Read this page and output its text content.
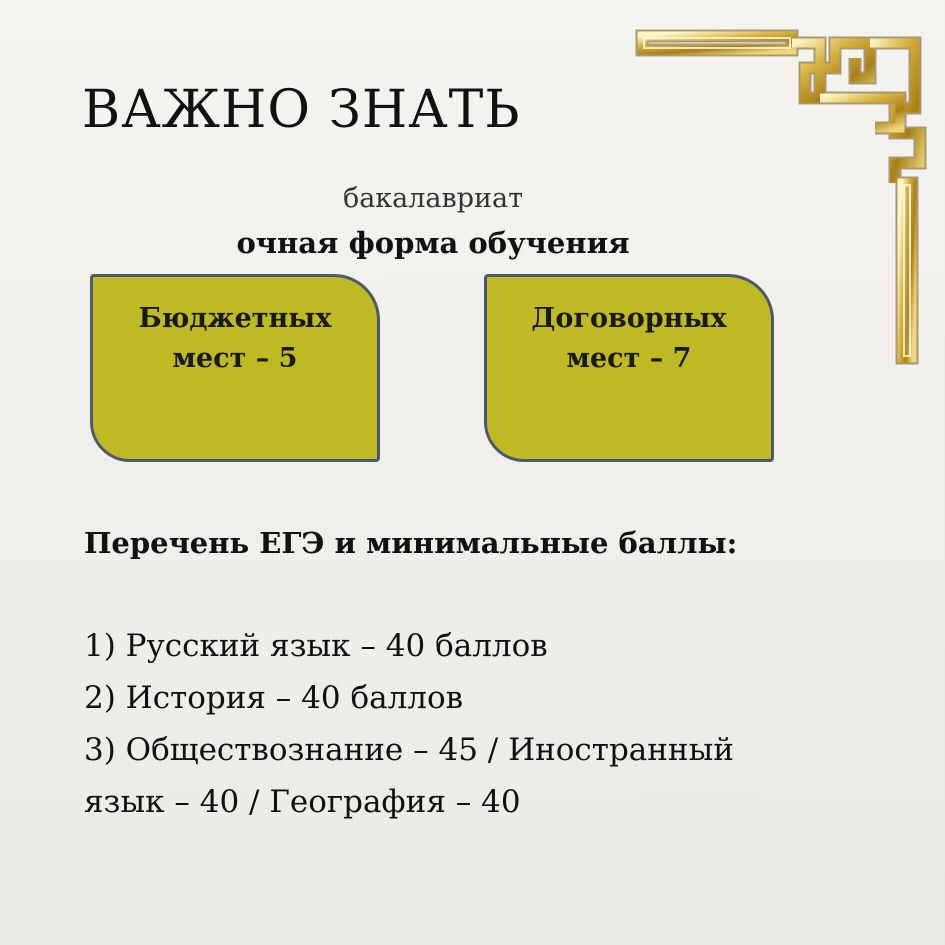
ВАЖНО ЗНАТЬ
бакалавриат
очная форма обучения
Бюджетных
мест – 5
Договорных
мест – 7
Перечень ЕГЭ и минимальные баллы:
1) Русский язык – 40 баллов
2) История – 40 баллов
3) Обществознание – 45 / Иностранный
язык – 40 / География – 40
